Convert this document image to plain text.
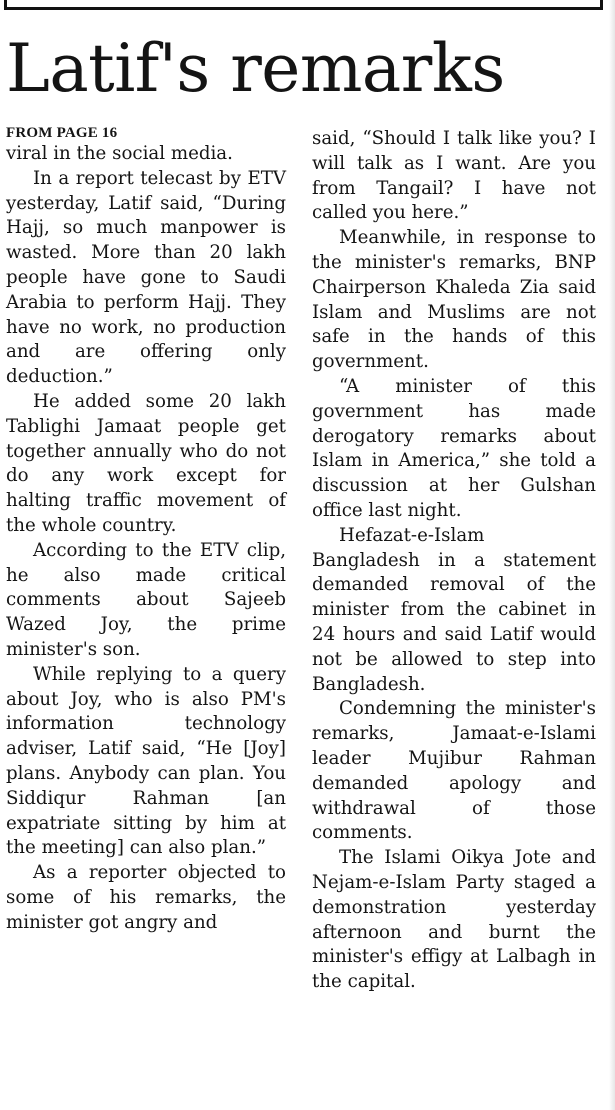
Latif's remarks
FROM PAGE 16

viral in the social media.

In a report telecast by ETV yesterday, Latif said, “During Hajj, so much manpower is wasted. More than 20 lakh people have gone to Saudi Arabia to perform Hajj. They have no work, no production and are offering only deduction.”

He added some 20 lakh Tablighi Jamaat people get together annually who do not do any work except for halting traffic movement of the whole country.

According to the ETV clip, he also made critical comments about Sajeeb Wazed Joy, the prime minister's son.

While replying to a query about Joy, who is also PM's information technology adviser, Latif said, “He [Joy] plans. Anybody can plan. You Siddiqur Rahman [an expatriate sitting by him at the meeting] can also plan.”

As a reporter objected to some of his remarks, the minister got angry and

said, “Should I talk like you? I will talk as I want. Are you from Tangail? I have not called you here.”

Meanwhile, in response to the minister's remarks, BNP Chairperson Khaleda Zia said Islam and Muslims are not safe in the hands of this government.

“A minister of this government has made derogatory remarks about Islam in America,” she told a discussion at her Gulshan office last night.

Hefazat-e-Islam Bangladesh in a statement demanded removal of the minister from the cabinet in 24 hours and said Latif would not be allowed to step into Bangladesh.

Condemning the minister's remarks, Jamaat-e-Islami leader Mujibur Rahman demanded apology and withdrawal of those comments.

The Islami Oikya Jote and Nejam-e-Islam Party staged a demonstration yesterday afternoon and burnt the minister's effigy at Lalbagh in the capital.
